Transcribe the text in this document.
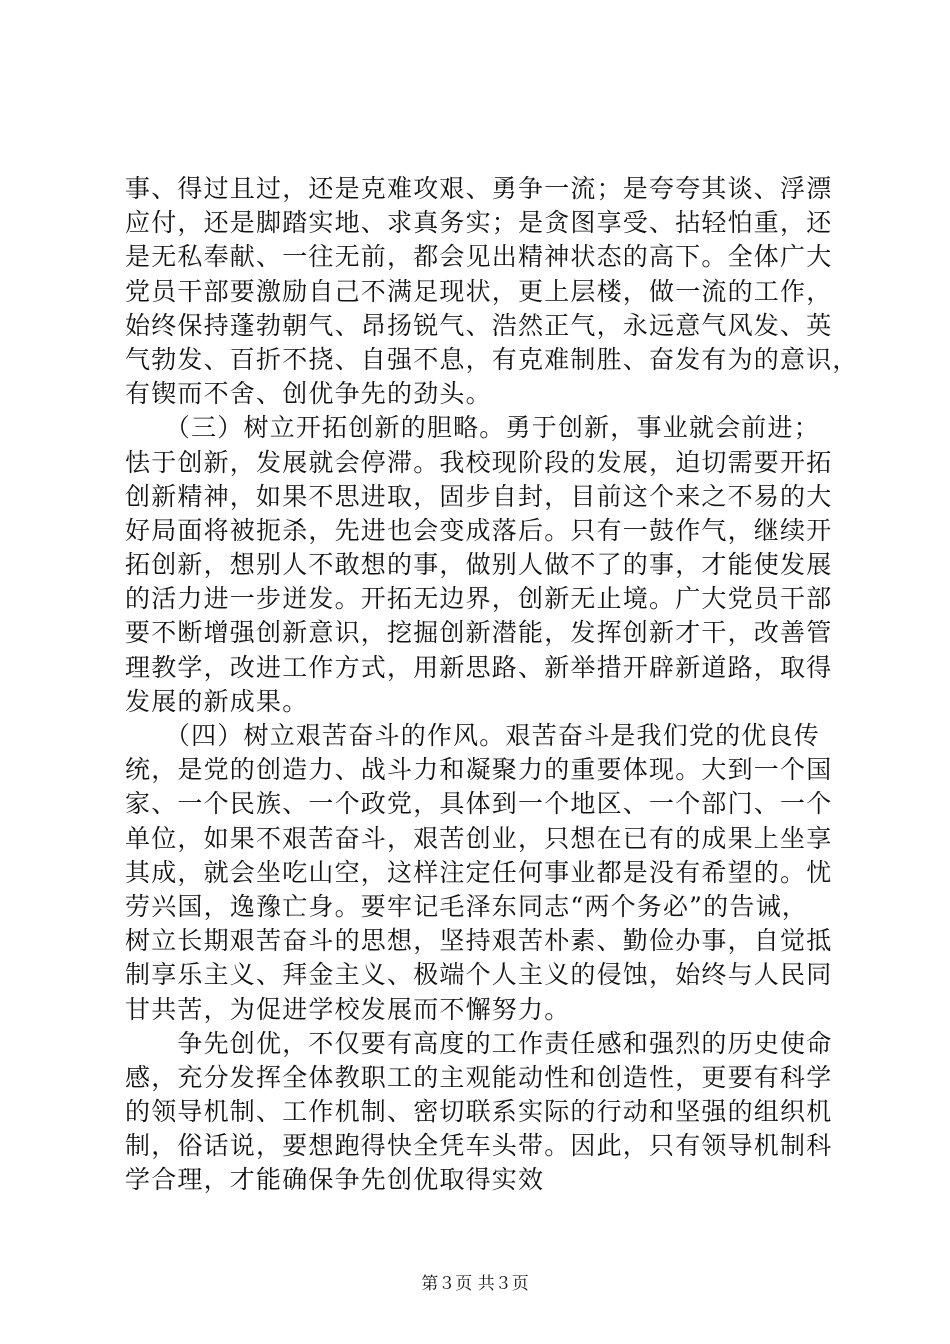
事、得过且过，还是克难攻艰、勇争一流；是夸夸其谈、浮漂
应付，还是脚踏实地、求真务实；是贪图享受、拈轻怕重，还
是无私奉献、一往无前，都会见出精神状态的高下。全体广大
党员干部要激励自己不满足现状，更上层楼，做一流的工作，
始终保持蓬勃朝气、昂扬锐气、浩然正气，永远意气风发、英
气勃发、百折不挠、自强不息，有克难制胜、奋发有为的意识，
有锲而不舍、创优争先的劲头。
　　（三）树立开拓创新的胆略。勇于创新，事业就会前进；
怯于创新，发展就会停滞。我校现阶段的发展，迫切需要开拓
创新精神，如果不思进取，固步自封，目前这个来之不易的大
好局面将被扼杀，先进也会变成落后。只有一鼓作气，继续开
拓创新，想别人不敢想的事，做别人做不了的事，才能使发展
的活力进一步迸发。开拓无边界，创新无止境。广大党员干部
要不断增强创新意识，挖掘创新潜能，发挥创新才干，改善管
理教学，改进工作方式，用新思路、新举措开辟新道路，取得
发展的新成果。
　　（四）树立艰苦奋斗的作风。艰苦奋斗是我们党的优良传
统，是党的创造力、战斗力和凝聚力的重要体现。大到一个国
家、一个民族、一个政党，具体到一个地区、一个部门、一个
单位，如果不艰苦奋斗，艰苦创业，只想在已有的成果上坐享
其成，就会坐吃山空，这样注定任何事业都是没有希望的。忧
劳兴国，逸豫亡身。要牢记毛泽东同志“两个务必”的告诫，
树立长期艰苦奋斗的思想，坚持艰苦朴素、勤俭办事，自觉抵
制享乐主义、拜金主义、极端个人主义的侵蚀，始终与人民同
甘共苦，为促进学校发展而不懈努力。
　　争先创优，不仅要有高度的工作责任感和强烈的历史使命
感，充分发挥全体教职工的主观能动性和创造性，更要有科学
的领导机制、工作机制、密切联系实际的行动和坚强的组织机
制，俗话说，要想跑得快全凭车头带。因此，只有领导机制科
学合理，才能确保争先创优取得实效
第３页 共３页
